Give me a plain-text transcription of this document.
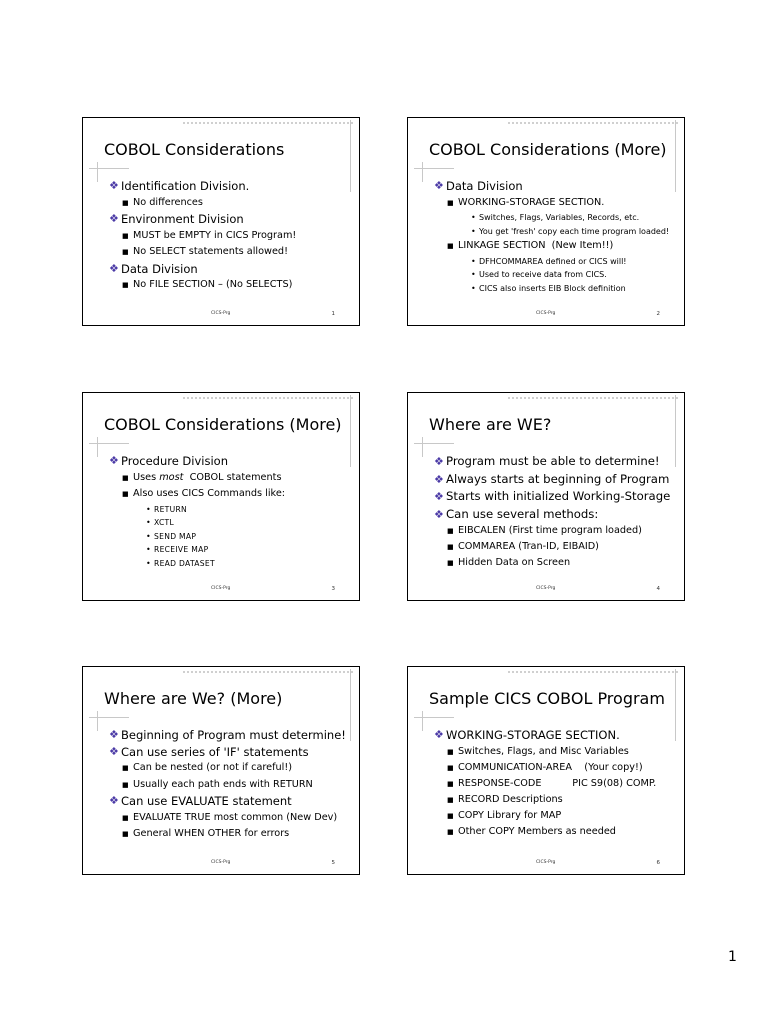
COBOL Considerations
❖ Identification Division.
■ No differences
❖ Environment Division
■ MUST be EMPTY in CICS Program!
■ No SELECT statements allowed!
❖ Data Division
■ No FILE SECTION – (No SELECTS)
CICS-Prg	1
COBOL Considerations (More)
❖ Data Division
■ WORKING-STORAGE SECTION.
• Switches, Flags, Variables, Records, etc.
• You get 'fresh' copy each time program loaded!
■ LINKAGE SECTION  (New Item!!)
• DFHCOMMAREA defined or CICS will!
• Used to receive data from CICS.
• CICS also inserts EIB Block definition
CICS-Prg	2
COBOL Considerations (More)
❖ Procedure Division
■ Uses most  COBOL statements
■ Also uses CICS Commands like:
• RETURN
• XCTL
• SEND MAP
• RECEIVE MAP
• READ DATASET
CICS-Prg	3
Where are WE?
❖ Program must be able to determine!
❖ Always starts at beginning of Program
❖ Starts with initialized Working-Storage
❖ Can use several methods:
■ EIBCALEN (First time program loaded)
■ COMMAREA (Tran-ID, EIBAID)
■ Hidden Data on Screen
CICS-Prg	4
Where are We? (More)
❖ Beginning of Program must determine!
❖ Can use series of 'IF' statements
■ Can be nested (or not if careful!)
■ Usually each path ends with RETURN
❖ Can use EVALUATE statement
■ EVALUATE TRUE most common (New Dev)
■ General WHEN OTHER for errors
CICS-Prg	5
Sample CICS COBOL Program
❖ WORKING-STORAGE SECTION.
■ Switches, Flags, and Misc Variables
■ COMMUNICATION-AREA    (Your copy!)
■ RESPONSE-CODE          PIC S9(08) COMP.
■ RECORD Descriptions
■ COPY Library for MAP
■ Other COPY Members as needed
CICS-Prg	6
1
